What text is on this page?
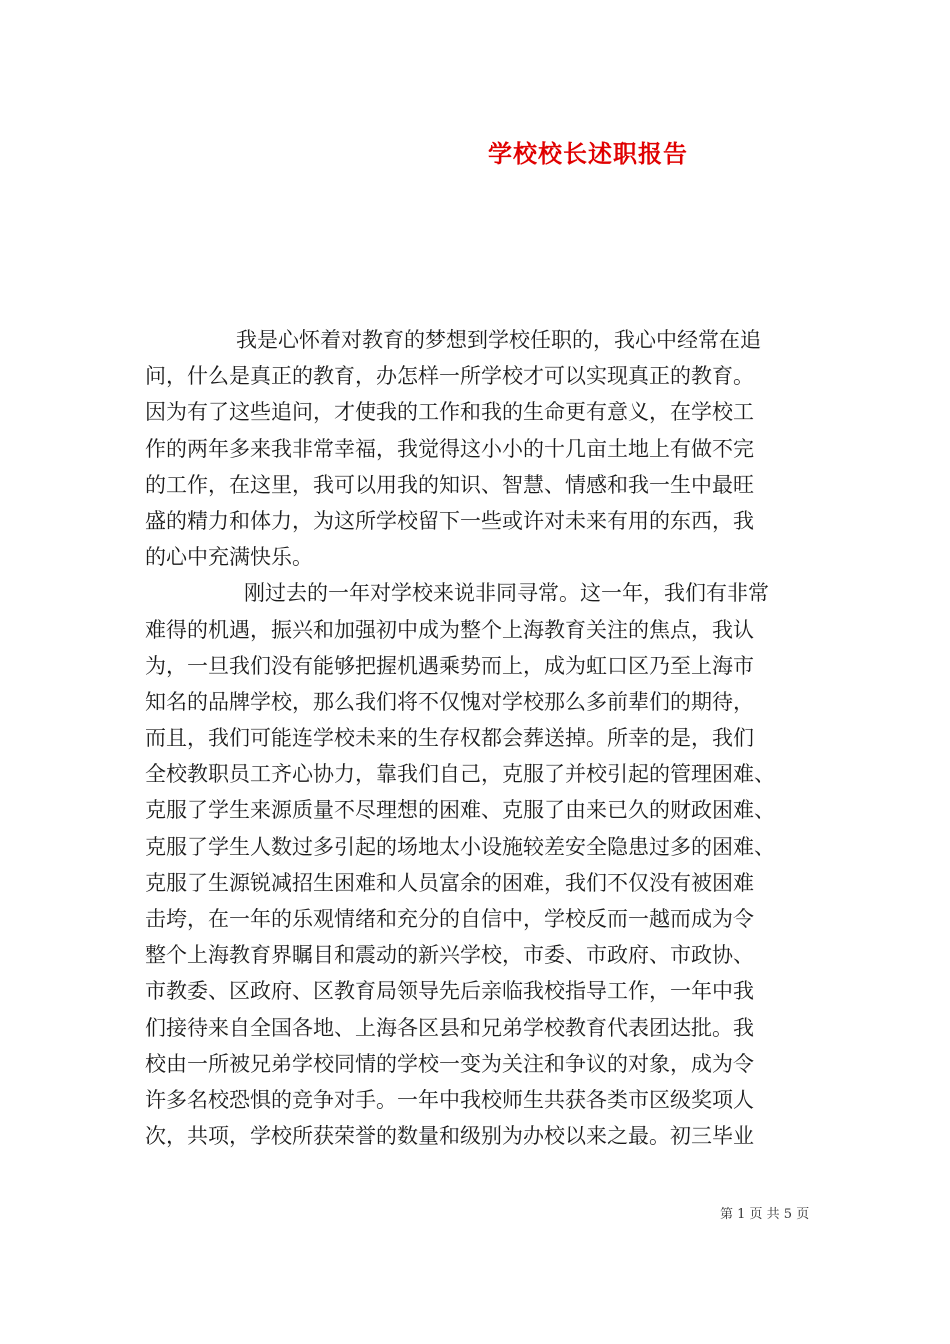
学校校长述职报告
我是心怀着对教育的梦想到学校任职的，我心中经常在追
问，什么是真正的教育，办怎样一所学校才可以实现真正的教育。
因为有了这些追问，才使我的工作和我的生命更有意义，在学校工
作的两年多来我非常幸福，我觉得这小小的十几亩土地上有做不完
的工作，在这里，我可以用我的知识、智慧、情感和我一生中最旺
盛的精力和体力，为这所学校留下一些或许对未来有用的东西，我
的心中充满快乐。
刚过去的一年对学校来说非同寻常。这一年，我们有非常
难得的机遇，振兴和加强初中成为整个上海教育关注的焦点，我认
为，一旦我们没有能够把握机遇乘势而上，成为虹口区乃至上海市
知名的品牌学校，那么我们将不仅愧对学校那么多前辈们的期待，
而且，我们可能连学校未来的生存权都会葬送掉。所幸的是，我们
全校教职员工齐心协力，靠我们自己，克服了并校引起的管理困难、
克服了学生来源质量不尽理想的困难、克服了由来已久的财政困难、
克服了学生人数过多引起的场地太小设施较差安全隐患过多的困难、
克服了生源锐减招生困难和人员富余的困难，我们不仅没有被困难
击垮，在一年的乐观情绪和充分的自信中，学校反而一越而成为令
整个上海教育界瞩目和震动的新兴学校，市委、市政府、市政协、
市教委、区政府、区教育局领导先后亲临我校指导工作，一年中我
们接待来自全国各地、上海各区县和兄弟学校教育代表团达批。我
校由一所被兄弟学校同情的学校一变为关注和争议的对象，成为令
许多名校恐惧的竞争对手。一年中我校师生共获各类市区级奖项人
次，共项，学校所获荣誉的数量和级别为办校以来之最。初三毕业
第 1 页 共 5 页
